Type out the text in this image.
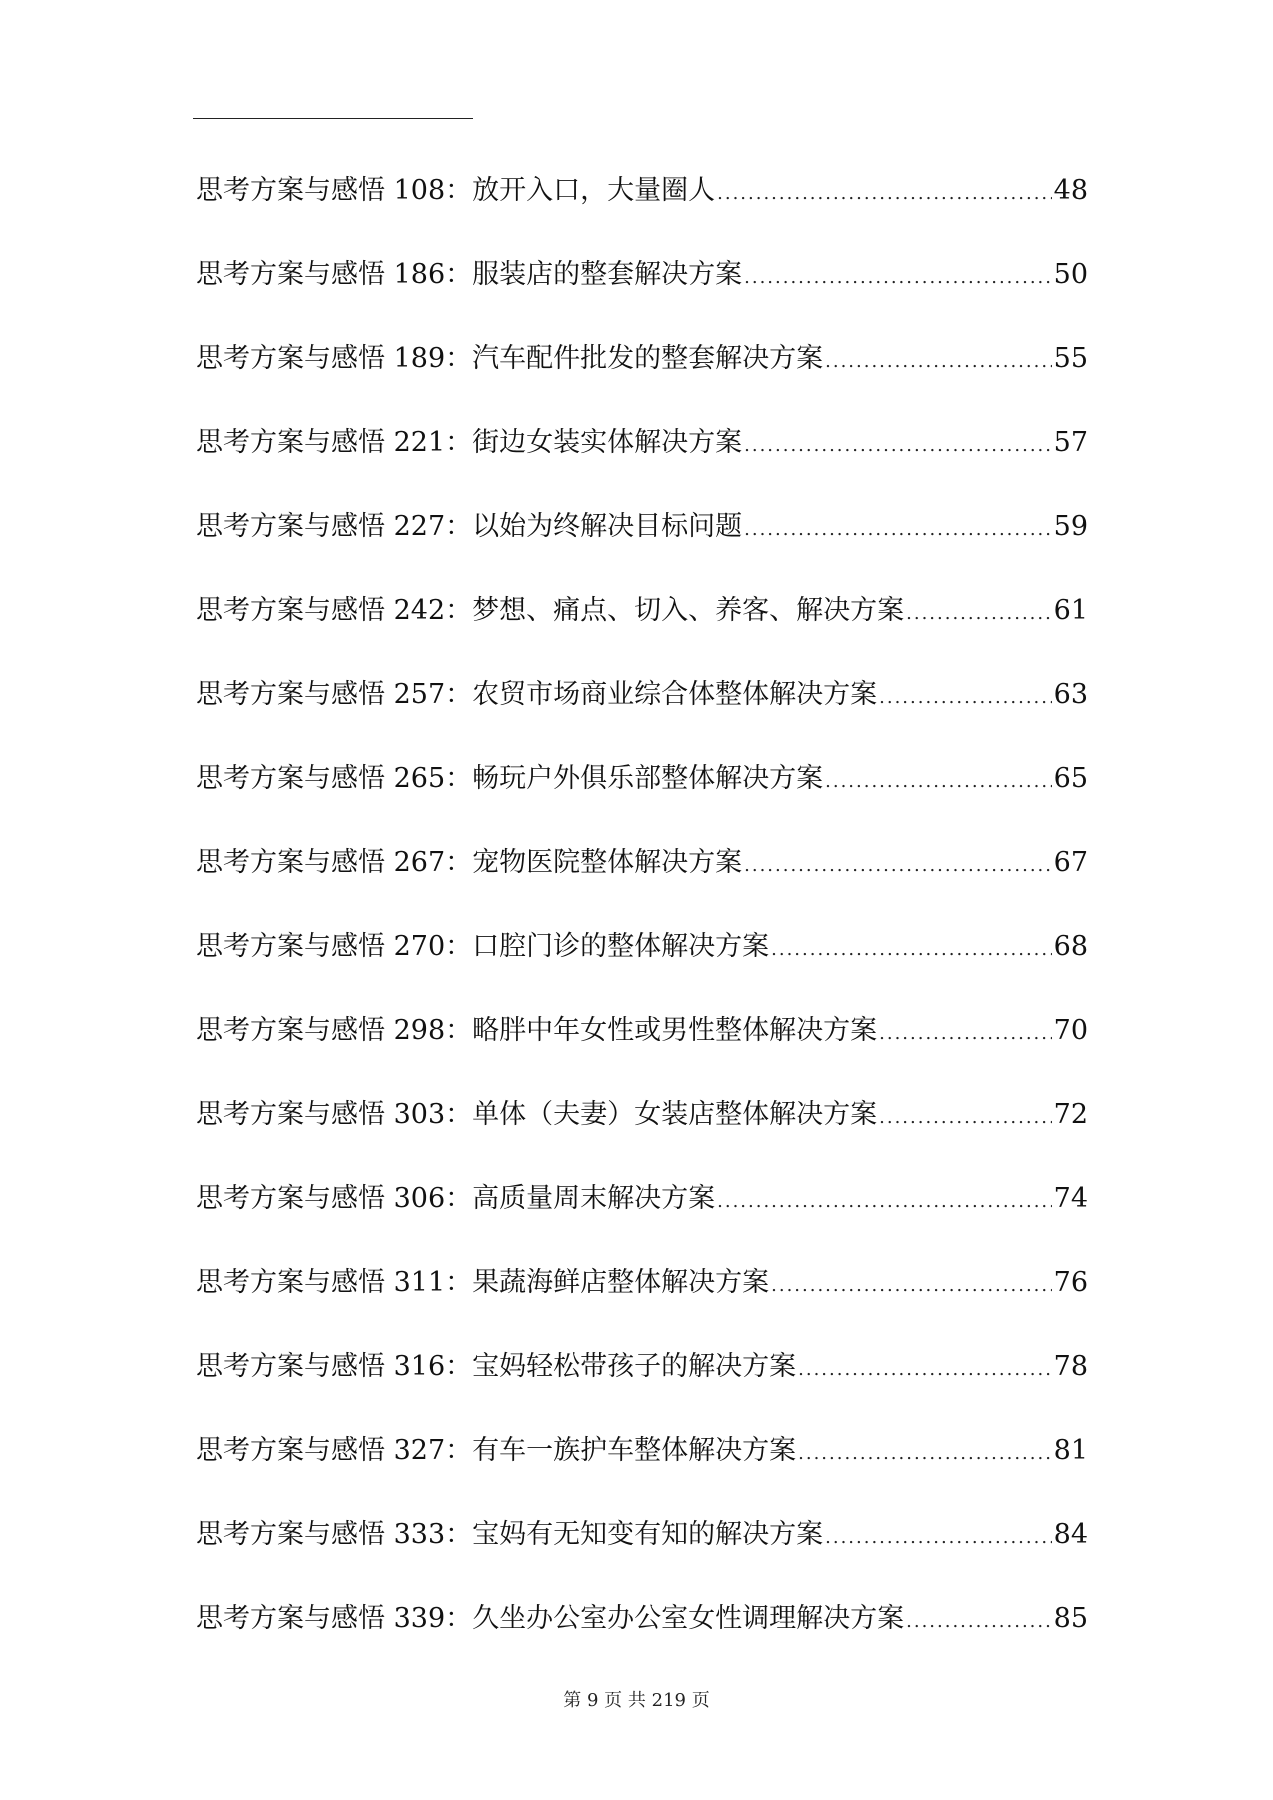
思考方案与感悟 108：放开入口，大量圈人 .....	48
思考方案与感悟 186：服装店的整套解决方案 .....	50
思考方案与感悟 189：汽车配件批发的整套解决方案 .....	55
思考方案与感悟 221：街边女装实体解决方案 .....	57
思考方案与感悟 227：以始为终解决目标问题 .....	59
思考方案与感悟 242：梦想、痛点、切入、养客、解决方案 .....	61
思考方案与感悟 257：农贸市场商业综合体整体解决方案 .....	63
思考方案与感悟 265：畅玩户外俱乐部整体解决方案 .....	65
思考方案与感悟 267：宠物医院整体解决方案 .....	67
思考方案与感悟 270：口腔门诊的整体解决方案 .....	68
思考方案与感悟 298：略胖中年女性或男性整体解决方案 .....	70
思考方案与感悟 303：单体（夫妻）女装店整体解决方案 .....	72
思考方案与感悟 306：高质量周末解决方案 .....	74
思考方案与感悟 311：果蔬海鲜店整体解决方案 .....	76
思考方案与感悟 316：宝妈轻松带孩子的解决方案 .....	78
思考方案与感悟 327：有车一族护车整体解决方案 .....	81
思考方案与感悟 333：宝妈有无知变有知的解决方案 .....	84
思考方案与感悟 339：久坐办公室办公室女性调理解决方案 .....	85
第 9 页 共 219 页
